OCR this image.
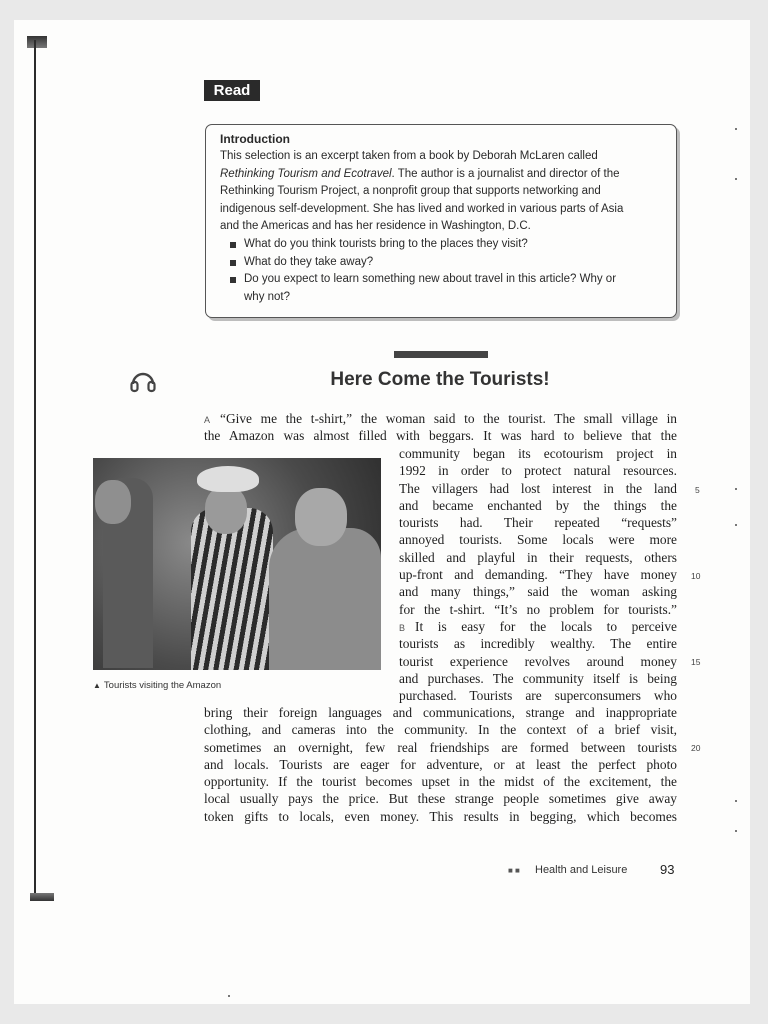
Read
Introduction
This selection is an excerpt taken from a book by Deborah McLaren called
Rethinking Tourism and Ecotravel. The author is a journalist and director of the
Rethinking Tourism Project, a nonprofit group that supports networking and
indigenous self-development. She has lived and worked in various parts of Asia
and the Americas and has her residence in Washington, D.C.
What do you think tourists bring to the places they visit?
What do they take away?
Do you expect to learn something new about travel in this article? Why or
why not?
Here Come the Tourists!
A “Give me the t-shirt,” the woman said to the tourist. The small village in
the Amazon was almost filled with beggars. It was hard to believe that the
community began its ecotourism project in
1992 in order to protect natural resources.
The villagers had lost interest in the land
and became enchanted by the things the
tourists had. Their repeated “requests”
annoyed tourists. Some locals were more
skilled and playful in their requests, others
up-front and demanding. “They have money
and many things,” said the woman asking
for the t-shirt. “It’s no problem for tourists.”
B It is easy for the locals to perceive
tourists as incredibly wealthy. The entire
tourist experience revolves around money
and purchases. The community itself is being
purchased. Tourists are superconsumers who
bring their foreign languages and communications, strange and inappropriate
clothing, and cameras into the community. In the context of a brief visit,
sometimes an overnight, few real friendships are formed between tourists
and locals. Tourists are eager for adventure, or at least the perfect photo
opportunity. If the tourist becomes upset in the midst of the excitement, the
local usually pays the price. But these strange people sometimes give away
token gifts to locals, even money. This results in begging, which becomes
5
10
15
20
▲ Tourists visiting the Amazon
■ ■ Health and Leisure	93
